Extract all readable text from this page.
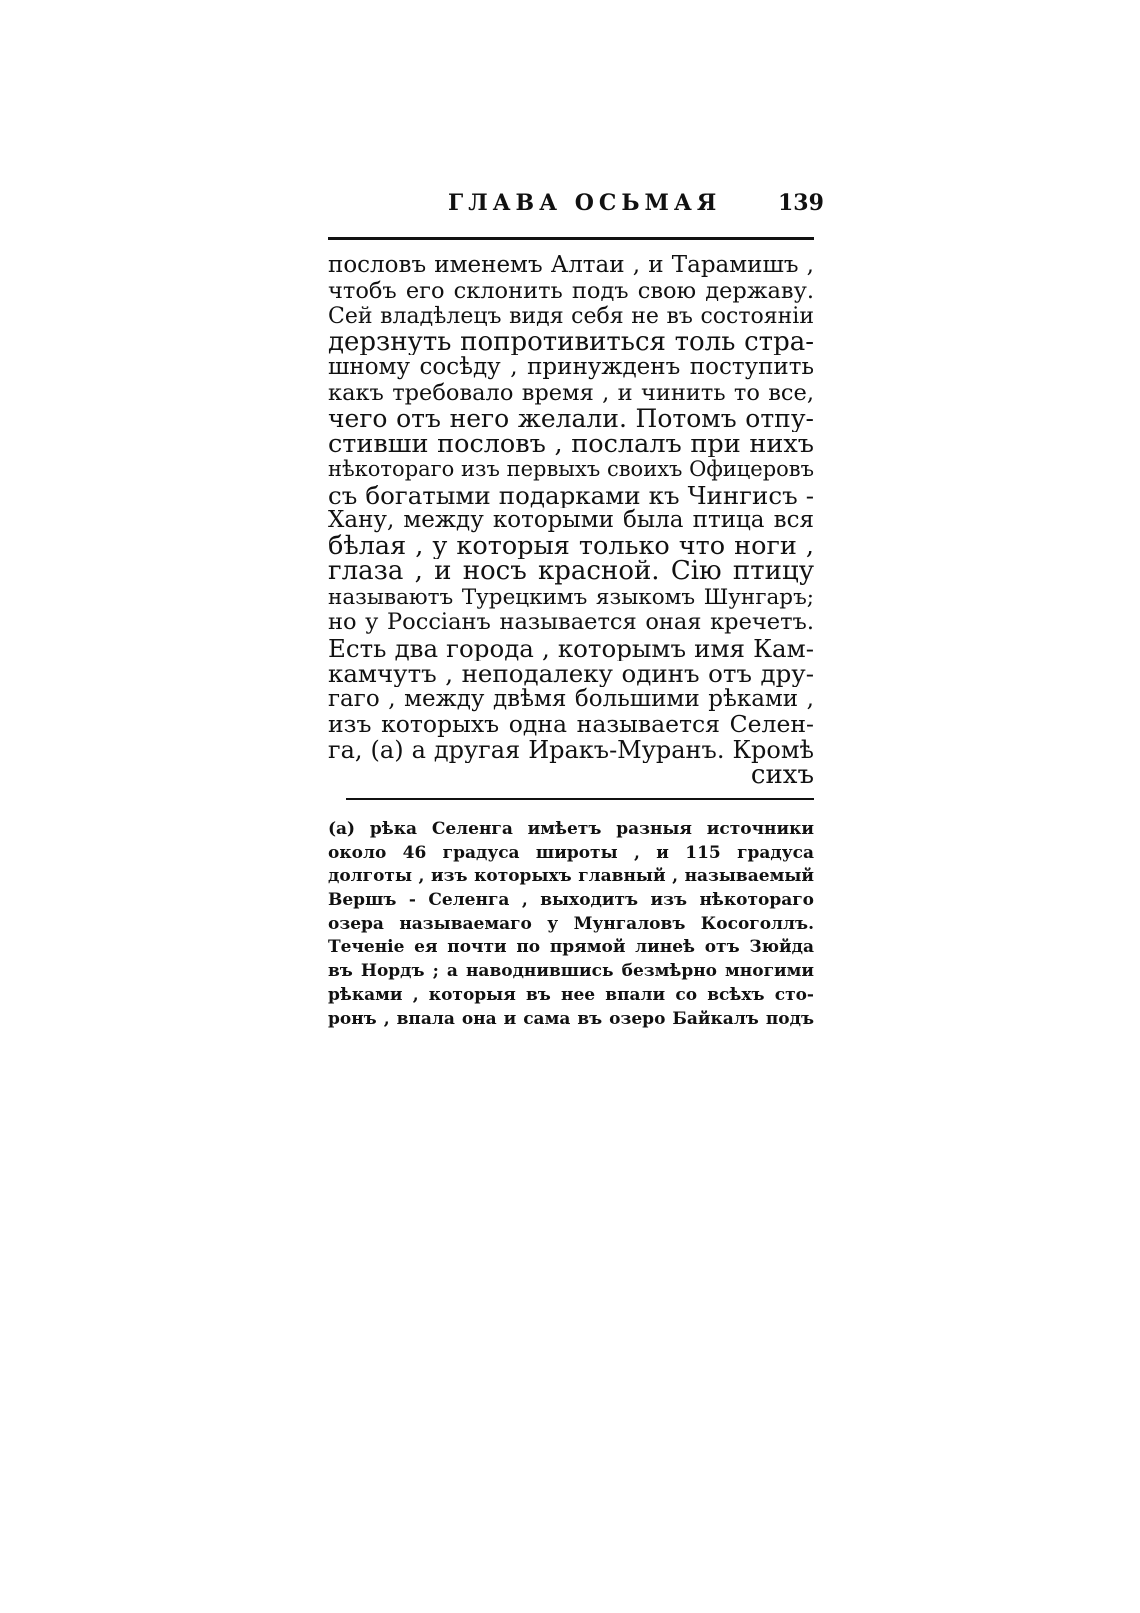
ГЛАВА ОСЬМАЯ	139
пословъ именемъ Алтаи , и Тарамишъ ,
чтобъ его склонить подъ свою державу.
Сей владѣлецъ видя себя не въ состояніи
дерзнуть попротивиться толь стра-
шному сосѣду , принужденъ поступить
какъ требовало время , и чинить то все,
чего отъ него желали. Потомъ отпу-
стивши пословъ , послалъ при нихъ
нѣкотораго изъ первыхъ своихъ Офицеровъ
съ богатыми подарками къ Чингисъ -
Хану, между которыми была птица вся
бѣлая , у которыя только что ноги ,
глаза , и носъ красной. Сію птицу
называютъ Турецкимъ языкомъ Шунгаръ;
но у Россіанъ называется оная кречетъ.
Есть два города , которымъ имя Кам-
камчутъ , неподалеку одинъ отъ дру-
гаго , между двѣмя большими рѣками ,
изъ которыхъ одна называется Селен-
га, (a) а другая Иракъ-Муранъ. Кромѣ
сихъ
(a) рѣка Селенга имѣетъ разныя источники
около 46 градуса широты , и 115 градуса
долготы , изъ которыхъ главный , называемый
Вершъ - Селенга , выходитъ изъ нѣкотораго
озера называемаго у Мунгаловъ Косоголлъ.
Теченіе ея почти по прямой линеѣ отъ Зюйда
въ Нордъ ; а наводнившись безмѣрно многими
рѣками , которыя въ нее впали со всѣхъ сто-
ронъ , впала она и сама въ озеро Байкалъ подъ
